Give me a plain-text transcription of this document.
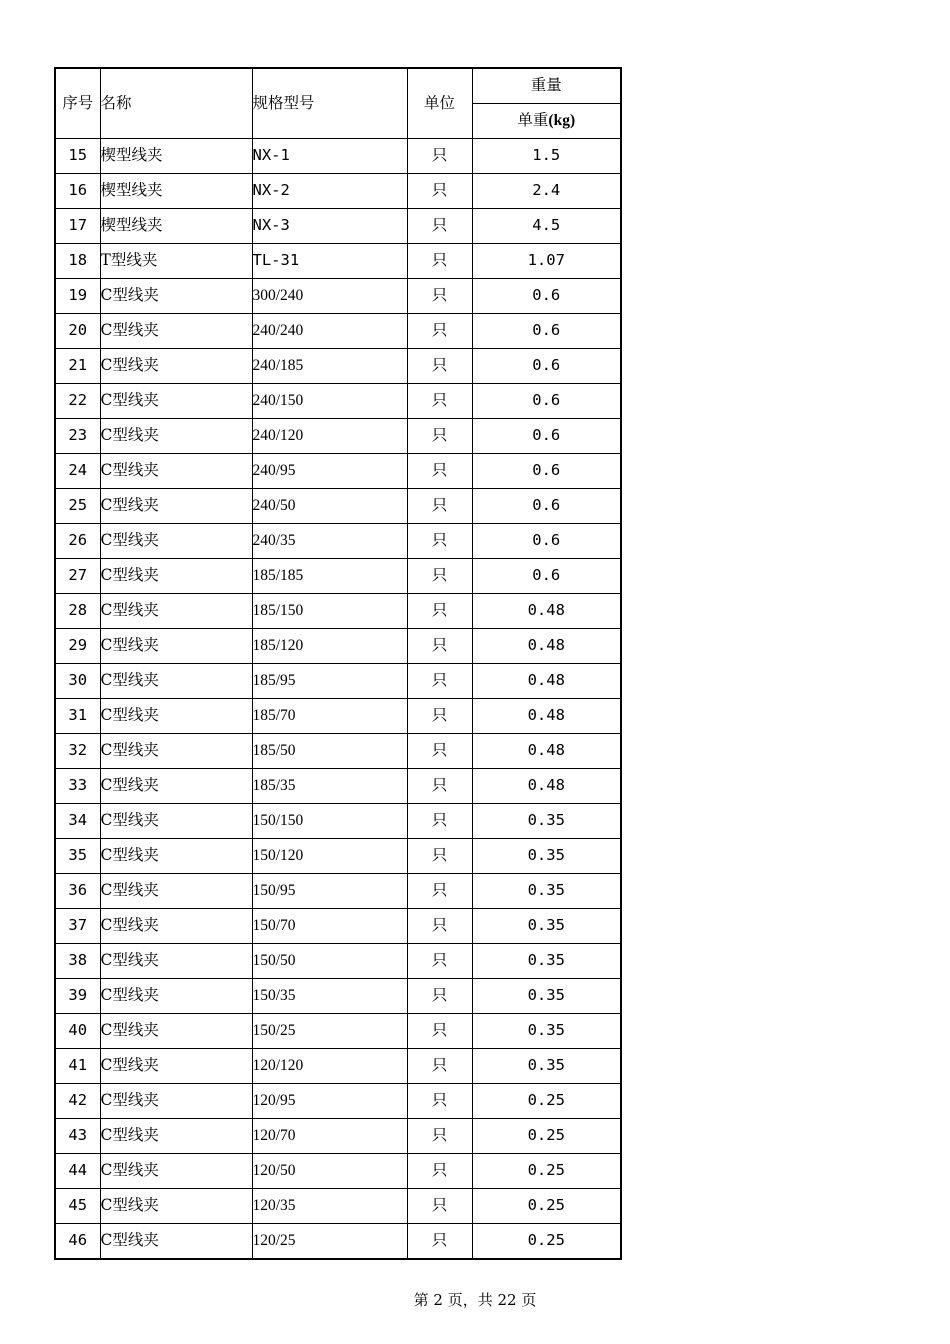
序号	名称	规格型号	单位	重量
				单重(kg)
15	楔型线夹	NX-1	只	1.5
16	楔型线夹	NX-2	只	2.4
17	楔型线夹	NX-3	只	4.5
18	T型线夹	TL-31	只	1.07
19	C型线夹	300/240	只	0.6
20	C型线夹	240/240	只	0.6
21	C型线夹	240/185	只	0.6
22	C型线夹	240/150	只	0.6
23	C型线夹	240/120	只	0.6
24	C型线夹	240/95	只	0.6
25	C型线夹	240/50	只	0.6
26	C型线夹	240/35	只	0.6
27	C型线夹	185/185	只	0.6
28	C型线夹	185/150	只	0.48
29	C型线夹	185/120	只	0.48
30	C型线夹	185/95	只	0.48
31	C型线夹	185/70	只	0.48
32	C型线夹	185/50	只	0.48
33	C型线夹	185/35	只	0.48
34	C型线夹	150/150	只	0.35
35	C型线夹	150/120	只	0.35
36	C型线夹	150/95	只	0.35
37	C型线夹	150/70	只	0.35
38	C型线夹	150/50	只	0.35
39	C型线夹	150/35	只	0.35
40	C型线夹	150/25	只	0.35
41	C型线夹	120/120	只	0.35
42	C型线夹	120/95	只	0.25
43	C型线夹	120/70	只	0.25
44	C型线夹	120/50	只	0.25
45	C型线夹	120/35	只	0.25
46	C型线夹	120/25	只	0.25
第 2 页，共 22 页
